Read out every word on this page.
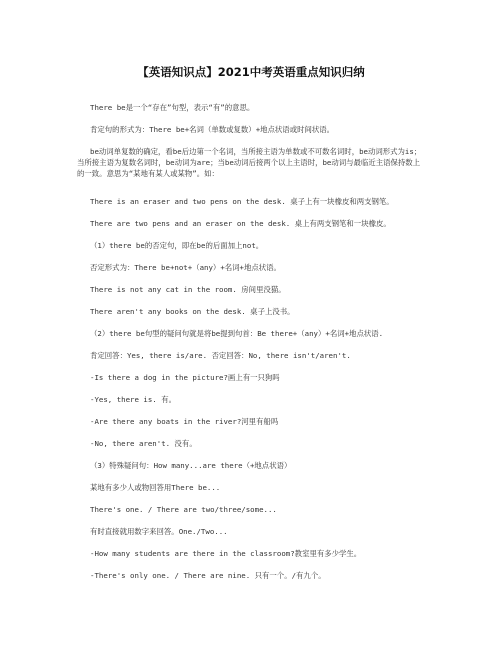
【英语知识点】2021中考英语重点知识归纳
There be是一个“存在”句型，表示“有”的意思。
肯定句的形式为：There be+名词（单数或复数）+地点状语或时间状语。
be动词单复数的确定，看be后边第一个名词，当所接主语为单数或不可数名词时，be动词形式为is；当所接主语为复数名词时，be动词为are；当be动词后接两个以上主语时，be动词与最临近主语保持数上的一致。意思为“某地有某人或某物”。如：
There is an eraser and two pens on the desk. 桌子上有一块橡皮和两支钢笔。
There are two pens and an eraser on the desk. 桌上有两支钢笔和一块橡皮。
（1）there be的否定句，即在be的后面加上not。
否定形式为：There be+not+（any）+名词+地点状语。
There is not any cat in the room. 房间里没猫。
There aren't any books on the desk. 桌子上没书。
（2）there be句型的疑问句就是将be提到句首：Be there+（any）+名词+地点状语.
肯定回答：Yes, there is/are. 否定回答：No, there isn't/aren't.
-Is there a dog in the picture?画上有一只狗吗
-Yes, there is. 有。
-Are there any boats in the river?河里有船吗
-No, there aren't. 没有。
（3）特殊疑问句：How many...are there（+地点状语）
某地有多少人或物回答用There be...
There's one. / There are two/three/some...
有时直接就用数字来回答。One./Two...
-How many students are there in the classroom?教室里有多少学生。
-There's only one. / There are nine. 只有一个。/有九个。
